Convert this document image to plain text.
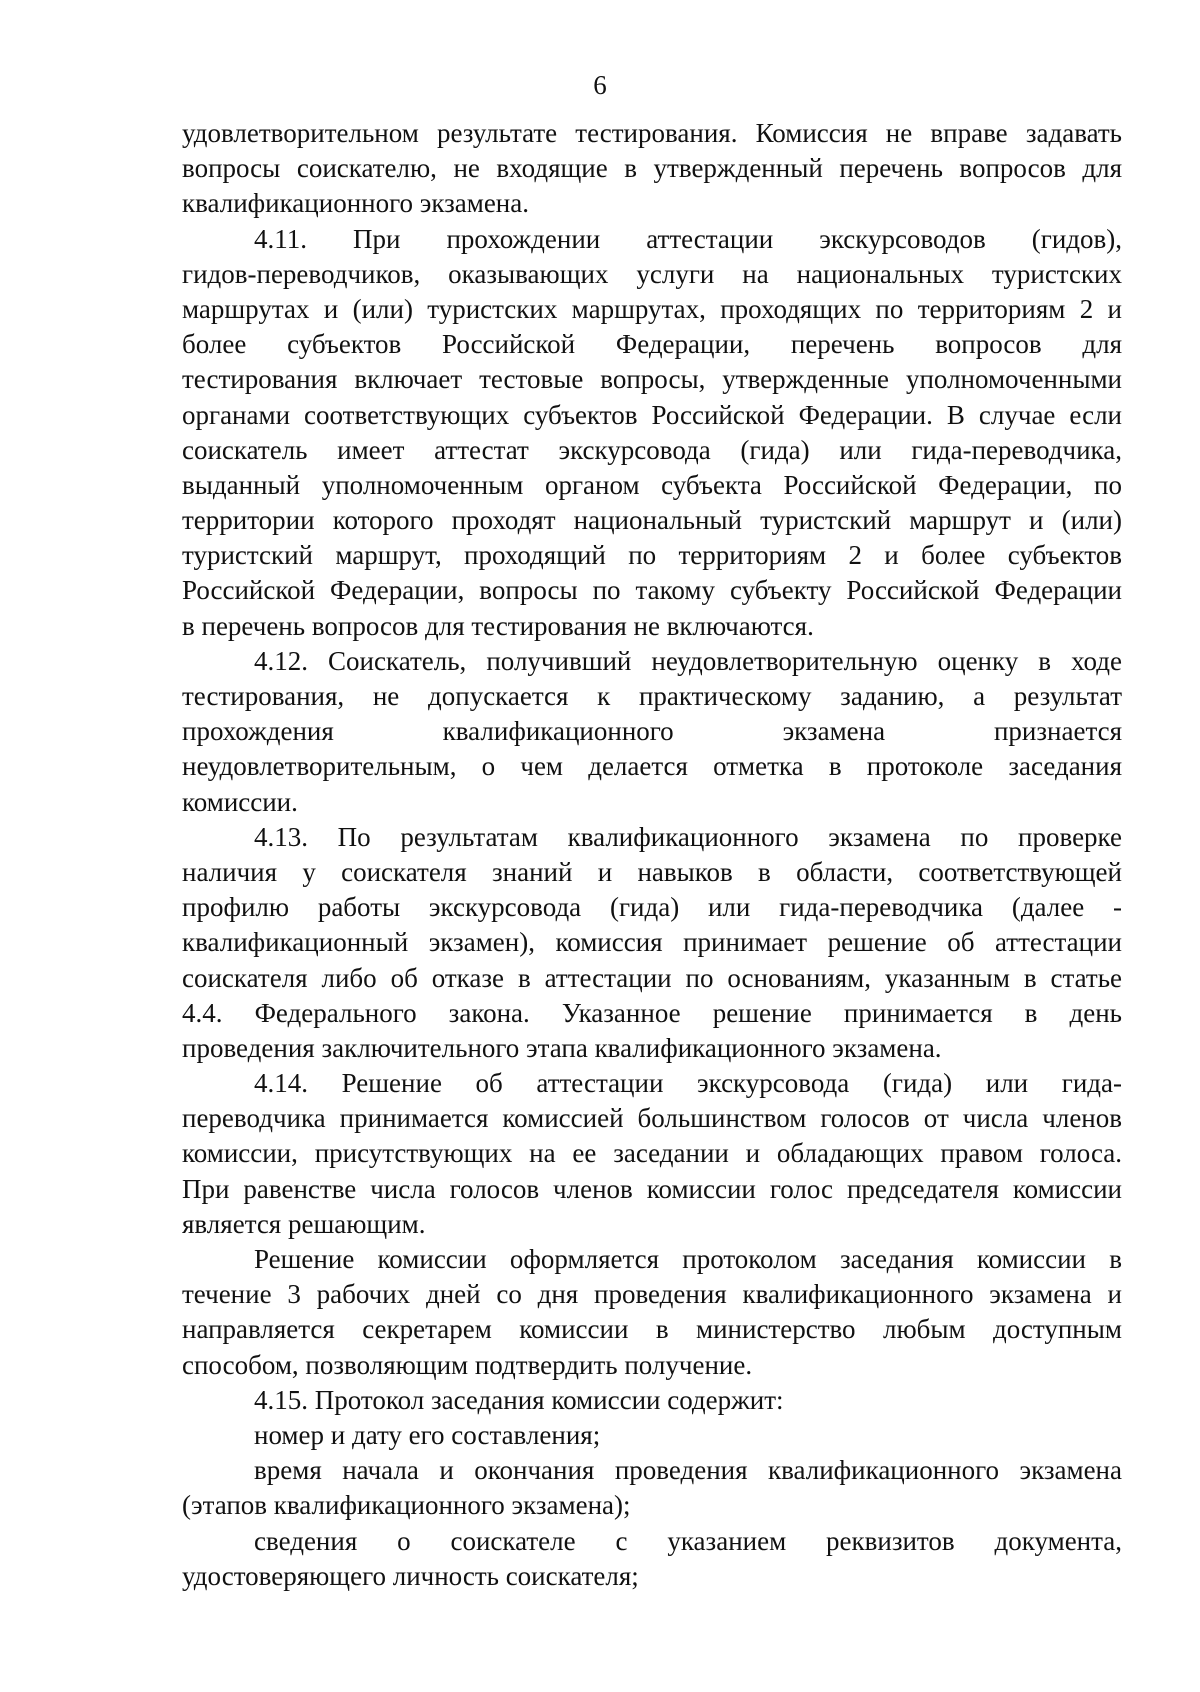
6
удовлетворительном результате тестирования. Комиссия не вправе задавать
вопросы соискателю, не входящие в утвержденный перечень вопросов для
квалификационного экзамена.
4.11. При прохождении аттестации экскурсоводов (гидов),
гидов-переводчиков, оказывающих услуги на национальных туристских
маршрутах и (или) туристских маршрутах, проходящих по территориям 2 и
более субъектов Российской Федерации, перечень вопросов для
тестирования включает тестовые вопросы, утвержденные уполномоченными
органами соответствующих субъектов Российской Федерации. В случае если
соискатель имеет аттестат экскурсовода (гида) или гида-переводчика,
выданный уполномоченным органом субъекта Российской Федерации, по
территории которого проходят национальный туристский маршрут и (или)
туристский маршрут, проходящий по территориям 2 и более субъектов
Российской Федерации, вопросы по такому субъекту Российской Федерации
в перечень вопросов для тестирования не включаются.
4.12. Соискатель, получивший неудовлетворительную оценку в ходе
тестирования, не допускается к практическому заданию, а результат
прохождения квалификационного экзамена признается
неудовлетворительным, о чем делается отметка в протоколе заседания
комиссии.
4.13. По результатам квалификационного экзамена по проверке
наличия у соискателя знаний и навыков в области, соответствующей
профилю работы экскурсовода (гида) или гида-переводчика (далее -
квалификационный экзамен), комиссия принимает решение об аттестации
соискателя либо об отказе в аттестации по основаниям, указанным в статье
4.4. Федерального закона. Указанное решение принимается в день
проведения заключительного этапа квалификационного экзамена.
4.14. Решение об аттестации экскурсовода (гида) или гида-
переводчика принимается комиссией большинством голосов от числа членов
комиссии, присутствующих на ее заседании и обладающих правом голоса.
При равенстве числа голосов членов комиссии голос председателя комиссии
является решающим.
Решение комиссии оформляется протоколом заседания комиссии в
течение 3 рабочих дней со дня проведения квалификационного экзамена и
направляется секретарем комиссии в министерство любым доступным
способом, позволяющим подтвердить получение.
4.15. Протокол заседания комиссии содержит:
номер и дату его составления;
время начала и окончания проведения квалификационного экзамена
(этапов квалификационного экзамена);
сведения о соискателе с указанием реквизитов документа,
удостоверяющего личность соискателя;
